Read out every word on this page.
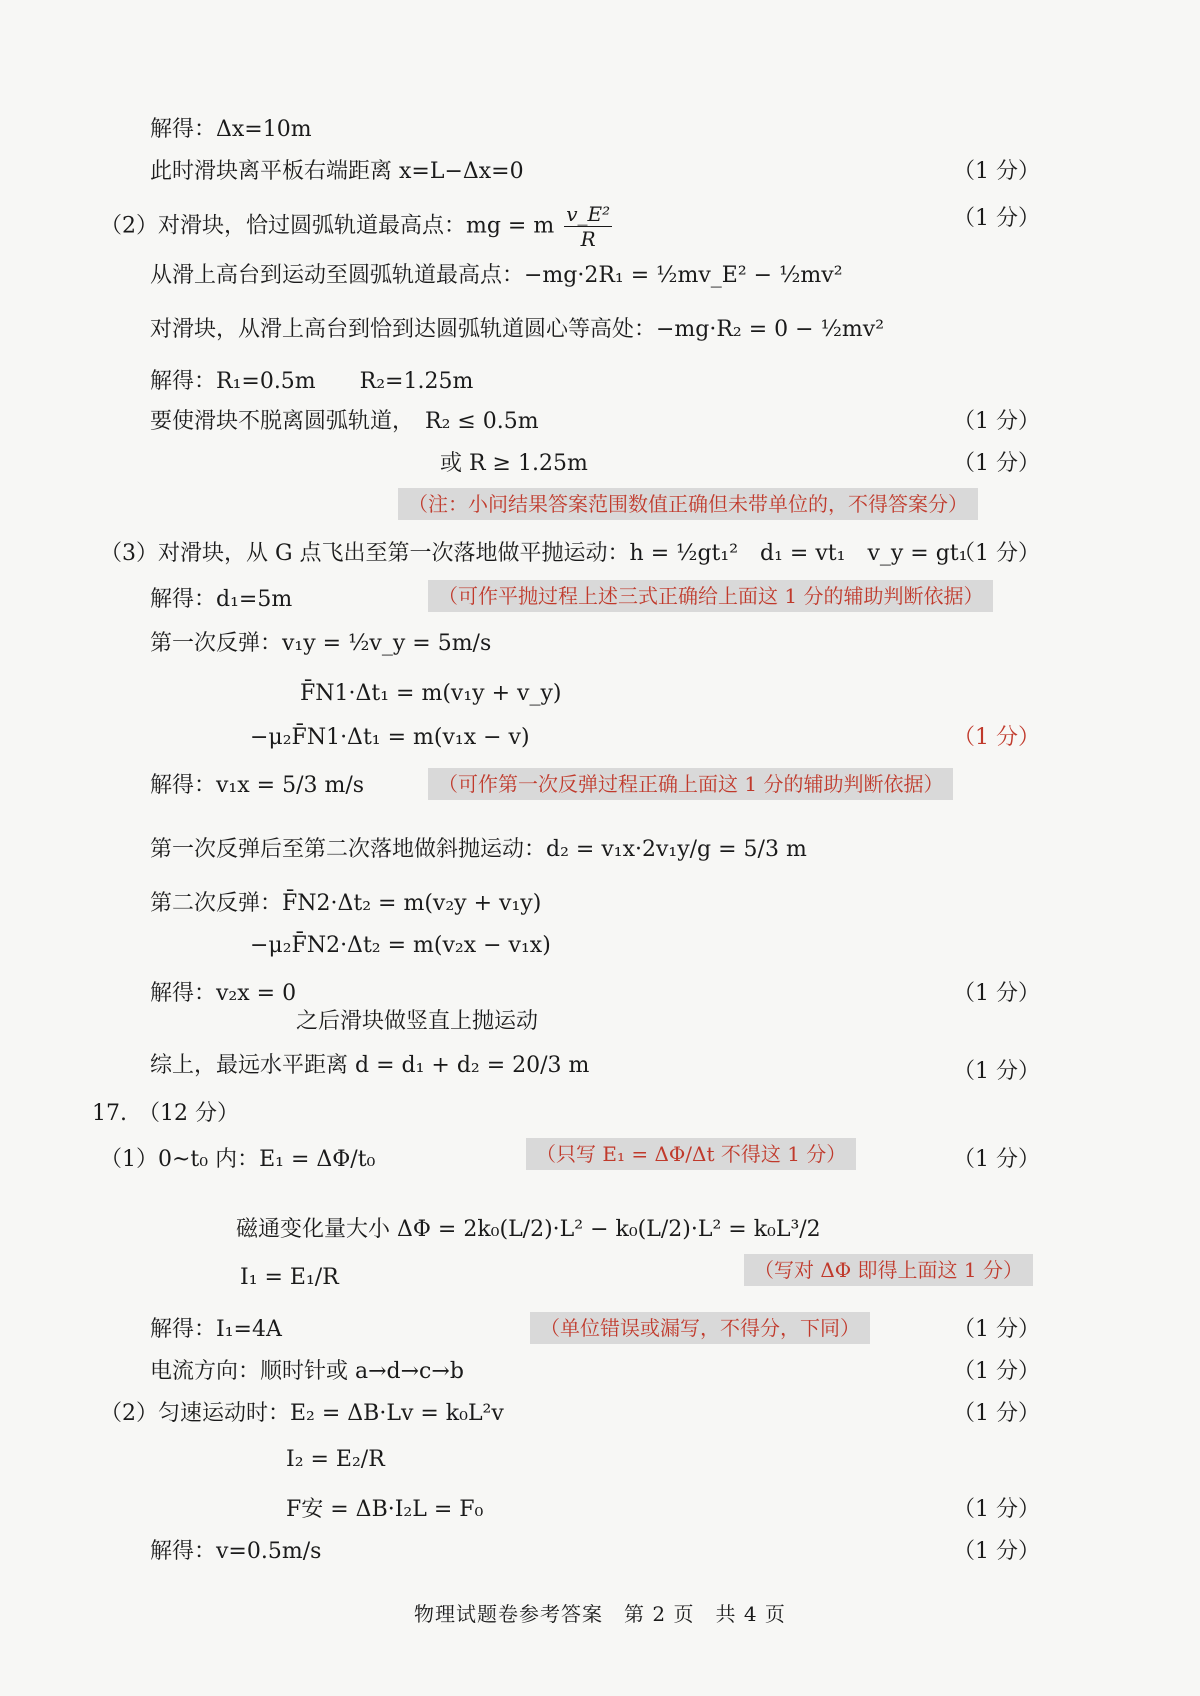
解得：Δx=10m
此时滑块离平板右端距离 x=L−Δx=0	（1 分）
（2）对滑块，恰过圆弧轨道最高点：mg = m $\frac{\text{v\_E²}}{R}$	（1 分）
从滑上高台到运动至圆弧轨道最高点：−mg·2R₁ = ½mv_E² − ½mv²
对滑块，从滑上高台到恰到达圆弧轨道圆心等高处：−mg·R₂ = 0 − ½mv²
解得：R₁=0.5m　　R₂=1.25m
要使滑块不脱离圆弧轨道，　R₂ ≤ 0.5m	（1 分）
或 R ≥ 1.25m	（1 分）
（注：小问结果答案范围数值正确但未带单位的，不得答案分）
（3）对滑块，从 G 点飞出至第一次落地做平抛运动：h = ½gt₁²　d₁ = vt₁　v_y = gt₁
（1 分）
解得：d₁=5m	（可作平抛过程上述三式正确给上面这 1 分的辅助判断依据）
第一次反弹：v₁y = ½v_y = 5m/s
F̄N1·Δt₁ = m(v₁y + v_y)
−μ₂F̄N1·Δt₁ = m(v₁x − v)	（1 分）
解得：v₁x = 5/3 m/s	（可作第一次反弹过程正确上面这 1 分的辅助判断依据）
第一次反弹后至第二次落地做斜抛运动：d₂ = v₁x·2v₁y/g = 5/3 m
第二次反弹：F̄N2·Δt₂ = m(v₂y + v₁y)
−μ₂F̄N2·Δt₂ = m(v₂x − v₁x)
解得：v₂x = 0	（1 分）
之后滑块做竖直上抛运动
综上，最远水平距离 d = d₁ + d₂ = 20/3 m	（1 分）
17.　（12 分）
（1）0~t₀ 内：E₁ = ΔΦ/t₀	（只写 E₁ = ΔΦ/Δt 不得这 1 分）	（1 分）
磁通变化量大小 ΔΦ = 2k₀(L/2)·L² − k₀(L/2)·L² = k₀L³/2
（写对 ΔΦ 即得上面这 1 分）
I₁ = E₁/R
解得：I₁=4A	（单位错误或漏写，不得分，下同）	（1 分）
电流方向：顺时针或 a→d→c→b	（1 分）
（2）匀速运动时：E₂ = ΔB·Lv = k₀L²v	（1 分）
I₂ = E₂/R
F安 = ΔB·I₂L = F₀	（1 分）
解得：v=0.5m/s	（1 分）
物理试题卷参考答案　第 2 页　共 4 页
